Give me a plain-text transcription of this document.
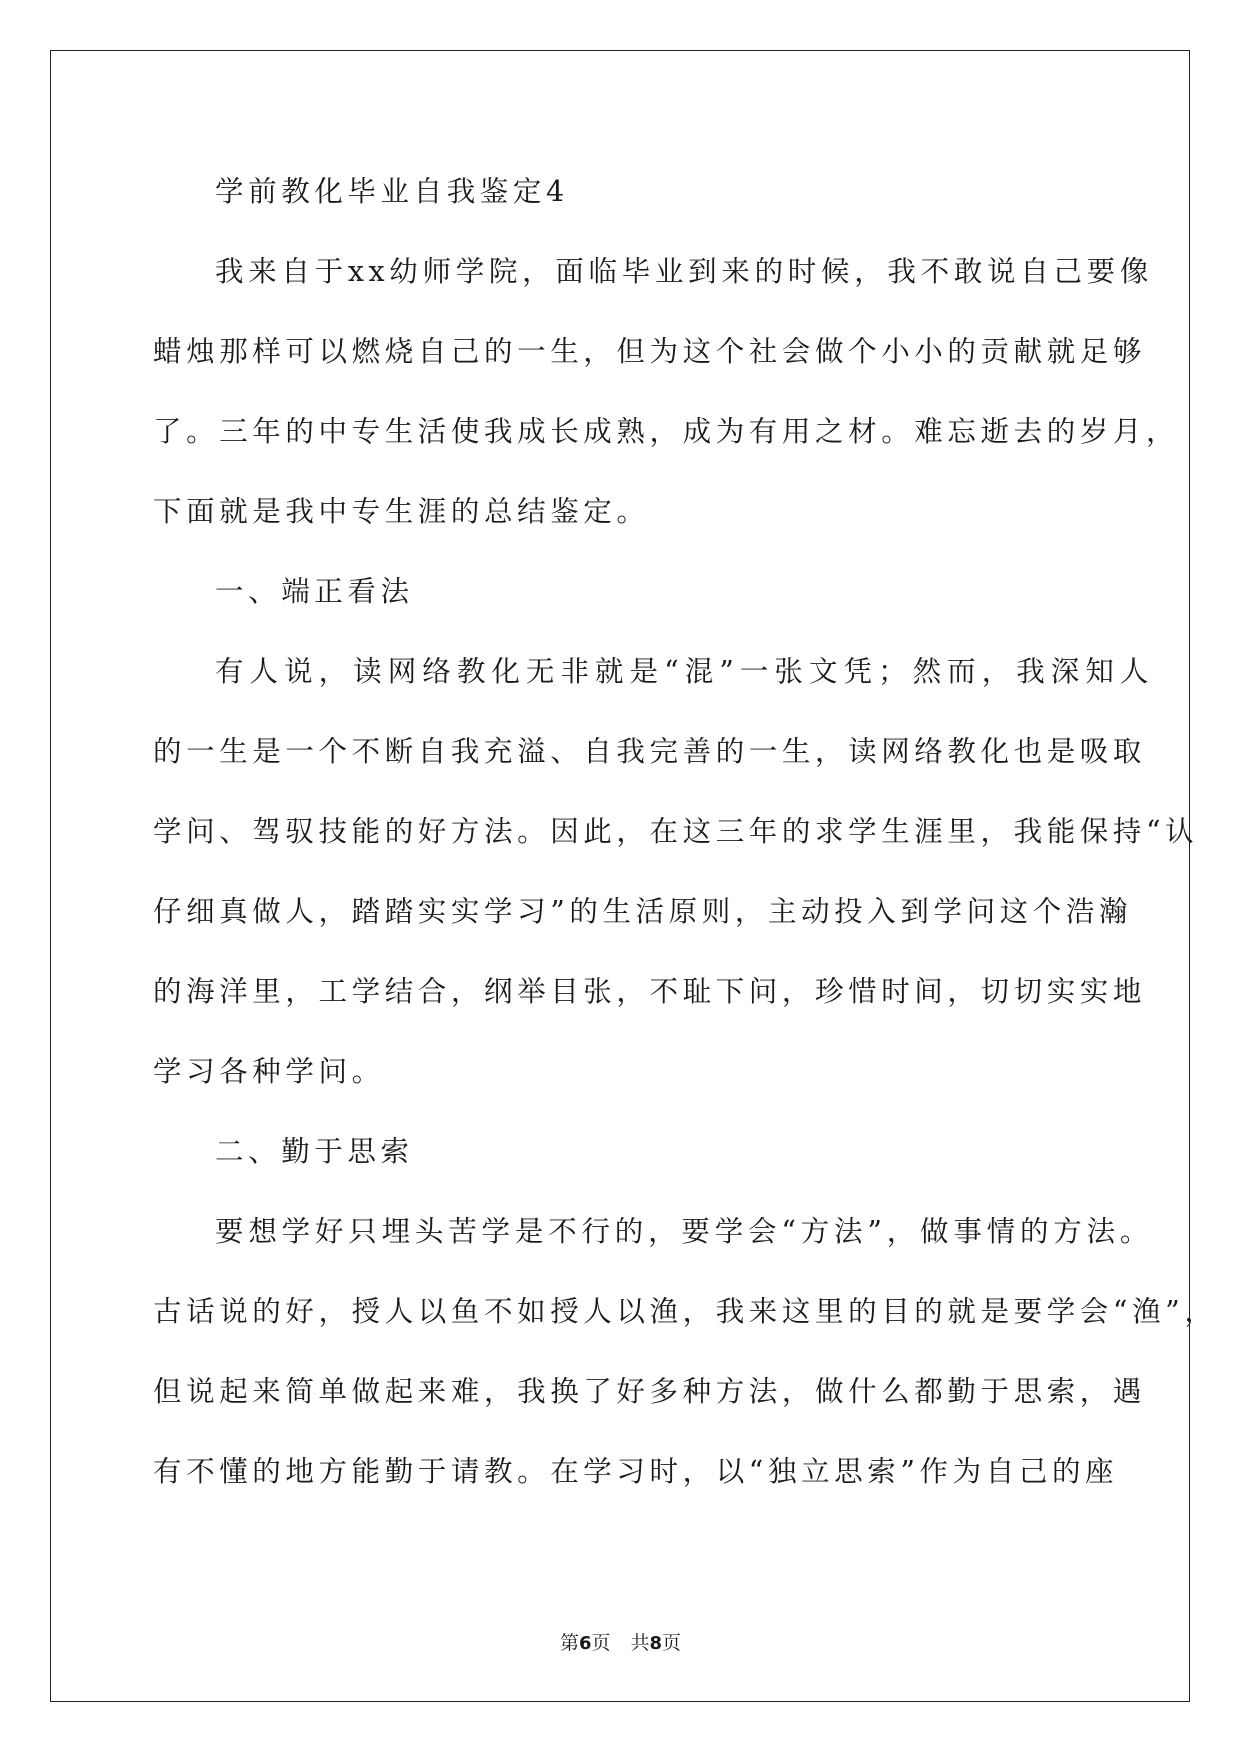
学前教化毕业自我鉴定4
我来自于xx幼师学院，面临毕业到来的时候，我不敢说自己要像
蜡烛那样可以燃烧自己的一生，但为这个社会做个小小的贡献就足够
了。三年的中专生活使我成长成熟，成为有用之材。难忘逝去的岁月，
下面就是我中专生涯的总结鉴定。
一、端正看法
有人说，读网络教化无非就是“混”一张文凭；然而，我深知人
的一生是一个不断自我充溢、自我完善的一生，读网络教化也是吸取
学问、驾驭技能的好方法。因此，在这三年的求学生涯里，我能保持“认
仔细真做人，踏踏实实学习”的生活原则，主动投入到学问这个浩瀚
的海洋里，工学结合，纲举目张，不耻下问，珍惜时间，切切实实地
学习各种学问。
二、勤于思索
要想学好只埋头苦学是不行的，要学会“方法”，做事情的方法。
古话说的好，授人以鱼不如授人以渔，我来这里的目的就是要学会“渔”，
但说起来简单做起来难，我换了好多种方法，做什么都勤于思索，遇
有不懂的地方能勤于请教。在学习时，以“独立思索”作为自己的座
第6页 共8页
